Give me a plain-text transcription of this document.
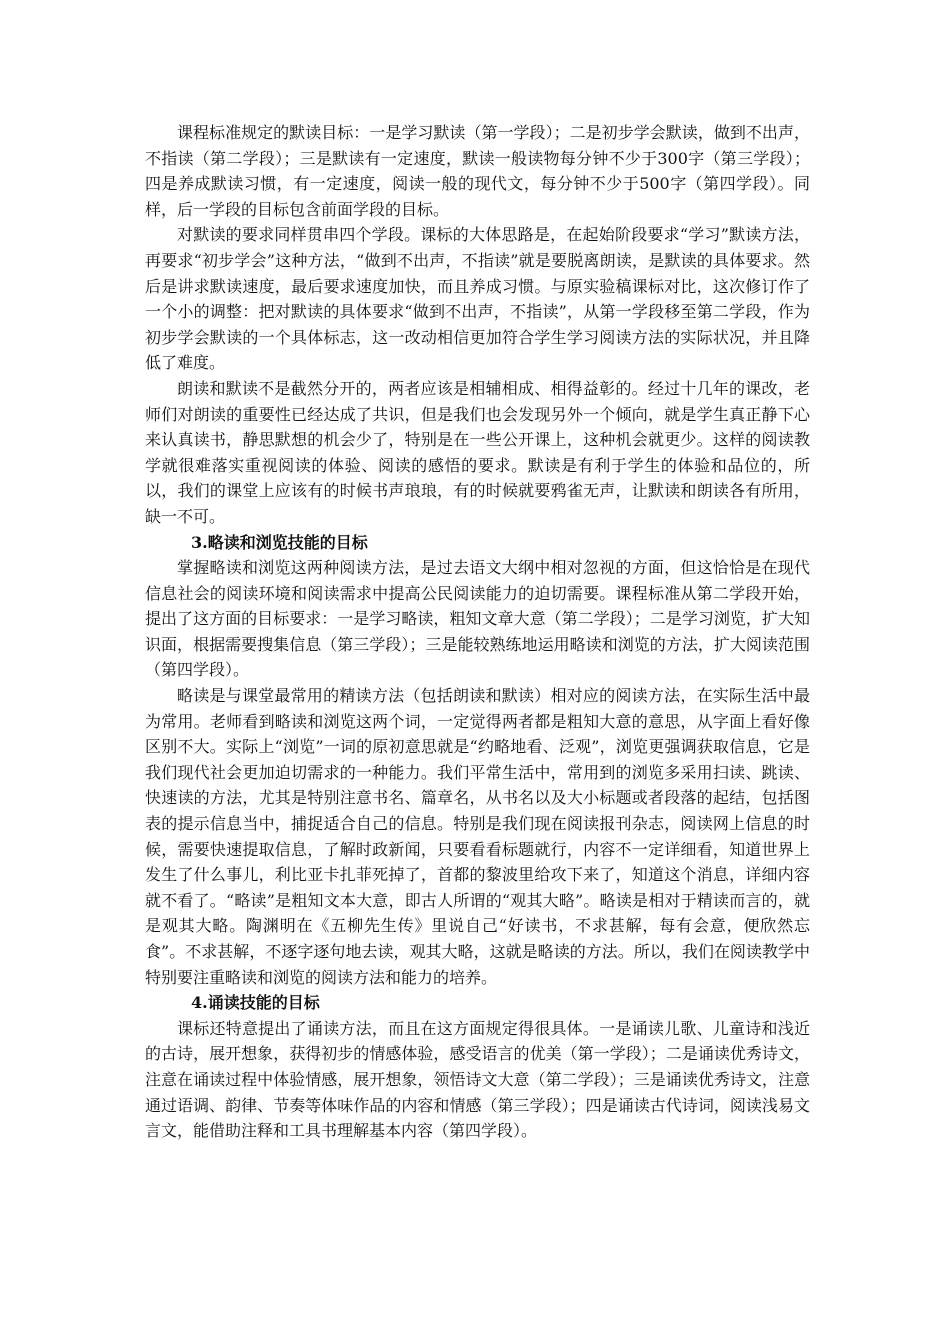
课程标准规定的默读目标：一是学习默读（第一学段）；二是初步学会默读，做到不出声，不指读（第二学段）；三是默读有一定速度，默读一般读物每分钟不少于300字（第三学段）；四是养成默读习惯，有一定速度，阅读一般的现代文，每分钟不少于500字（第四学段）。同样，后一学段的目标包含前面学段的目标。

对默读的要求同样贯串四个学段。课标的大体思路是，在起始阶段要求“学习”默读方法，再要求“初步学会”这种方法，“做到不出声，不指读”就是要脱离朗读，是默读的具体要求。然后是讲求默读速度，最后要求速度加快，而且养成习惯。与原实验稿课标对比，这次修订作了一个小的调整：把对默读的具体要求“做到不出声，不指读”，从第一学段移至第二学段，作为初步学会默读的一个具体标志，这一改动相信更加符合学生学习阅读方法的实际状况，并且降低了难度。

朗读和默读不是截然分开的，两者应该是相辅相成、相得益彰的。经过十几年的课改，老师们对朗读的重要性已经达成了共识，但是我们也会发现另外一个倾向，就是学生真正静下心来认真读书，静思默想的机会少了，特别是在一些公开课上，这种机会就更少。这样的阅读教学就很难落实重视阅读的体验、阅读的感悟的要求。默读是有利于学生的体验和品位的，所以，我们的课堂上应该有的时候书声琅琅，有的时候就要鸦雀无声，让默读和朗读各有所用，缺一不可。

3.略读和浏览技能的目标

掌握略读和浏览这两种阅读方法，是过去语文大纲中相对忽视的方面，但这恰恰是在现代信息社会的阅读环境和阅读需求中提高公民阅读能力的迫切需要。课程标准从第二学段开始，提出了这方面的目标要求：一是学习略读，粗知文章大意（第二学段）；二是学习浏览，扩大知识面，根据需要搜集信息（第三学段）；三是能较熟练地运用略读和浏览的方法，扩大阅读范围（第四学段）。

略读是与课堂最常用的精读方法（包括朗读和默读）相对应的阅读方法，在实际生活中最为常用。老师看到略读和浏览这两个词，一定觉得两者都是粗知大意的意思，从字面上看好像区别不大。实际上“浏览”一词的原初意思就是“约略地看、泛观”，浏览更强调获取信息，它是我们现代社会更加迫切需求的一种能力。我们平常生活中，常用到的浏览多采用扫读、跳读、快速读的方法，尤其是特别注意书名、篇章名，从书名以及大小标题或者段落的起结，包括图表的提示信息当中，捕捉适合自己的信息。特别是我们现在阅读报刊杂志，阅读网上信息的时候，需要快速提取信息，了解时政新闻，只要看看标题就行，内容不一定详细看，知道世界上发生了什么事儿，利比亚卡扎菲死掉了，首都的黎波里给攻下来了，知道这个消息，详细内容就不看了。“略读”是粗知文本大意，即古人所谓的“观其大略”。略读是相对于精读而言的，就是观其大略。陶渊明在《五柳先生传》里说自己“好读书，不求甚解，每有会意，便欣然忘食”。不求甚解，不逐字逐句地去读，观其大略，这就是略读的方法。所以，我们在阅读教学中特别要注重略读和浏览的阅读方法和能力的培养。

4.诵读技能的目标

课标还特意提出了诵读方法，而且在这方面规定得很具体。一是诵读儿歌、儿童诗和浅近的古诗，展开想象，获得初步的情感体验，感受语言的优美（第一学段）；二是诵读优秀诗文，注意在诵读过程中体验情感，展开想象，领悟诗文大意（第二学段）；三是诵读优秀诗文，注意通过语调、韵律、节奏等体味作品的内容和情感（第三学段）；四是诵读古代诗词，阅读浅易文言文，能借助注释和工具书理解基本内容（第四学段）。
